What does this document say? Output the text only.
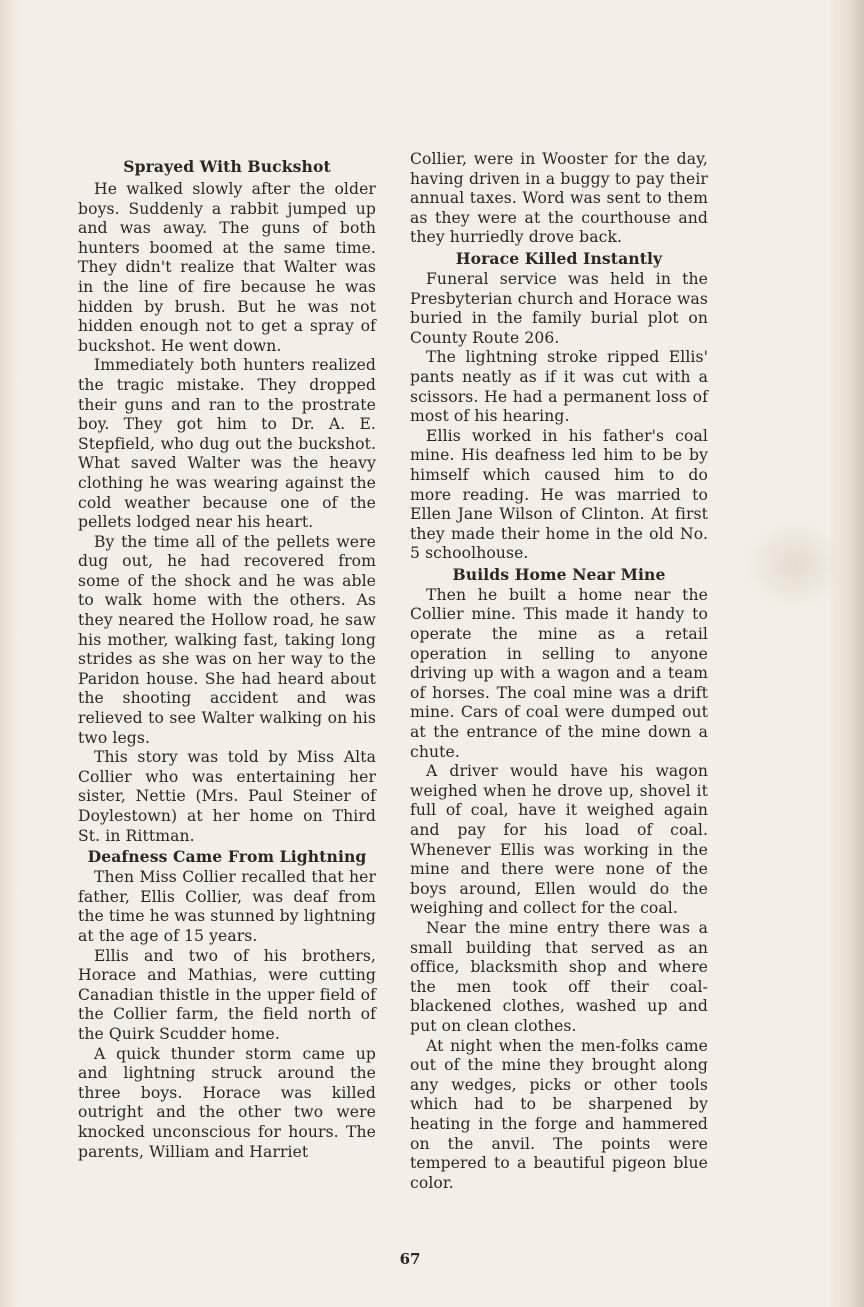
Sprayed With Buckshot

He walked slowly after the older boys. Suddenly a rabbit jumped up and was away. The guns of both hunters boomed at the same time. They didn't realize that Walter was in the line of fire because he was hidden by brush. But he was not hidden enough not to get a spray of buckshot. He went down.

Immediately both hunters realized the tragic mistake. They dropped their guns and ran to the prostrate boy. They got him to Dr. A. E. Stepfield, who dug out the buckshot. What saved Walter was the heavy clothing he was wearing against the cold weather because one of the pellets lodged near his heart.

By the time all of the pellets were dug out, he had recovered from some of the shock and he was able to walk home with the others. As they neared the Hollow road, he saw his mother, walking fast, taking long strides as she was on her way to the Paridon house. She had heard about the shooting accident and was relieved to see Walter walking on his two legs.

This story was told by Miss Alta Collier who was entertaining her sister, Nettie (Mrs. Paul Steiner of Doylestown) at her home on Third St. in Rittman.

Deafness Came From Lightning

Then Miss Collier recalled that her father, Ellis Collier, was deaf from the time he was stunned by lightning at the age of 15 years.

Ellis and two of his brothers, Horace and Mathias, were cutting Canadian thistle in the upper field of the Collier farm, the field north of the Quirk Scudder home.

A quick thunder storm came up and lightning struck around the three boys. Horace was killed outright and the other two were knocked unconscious for hours. The parents, William and Harriet

Collier, were in Wooster for the day, having driven in a buggy to pay their annual taxes. Word was sent to them as they were at the courthouse and they hurriedly drove back.

Horace Killed Instantly

Funeral service was held in the Presbyterian church and Horace was buried in the family burial plot on County Route 206.

The lightning stroke ripped Ellis' pants neatly as if it was cut with a scissors. He had a permanent loss of most of his hearing.

Ellis worked in his father's coal mine. His deafness led him to be by himself which caused him to do more reading. He was married to Ellen Jane Wilson of Clinton. At first they made their home in the old No. 5 schoolhouse.

Builds Home Near Mine

Then he built a home near the Collier mine. This made it handy to operate the mine as a retail operation in selling to anyone driving up with a wagon and a team of horses. The coal mine was a drift mine. Cars of coal were dumped out at the entrance of the mine down a chute.

A driver would have his wagon weighed when he drove up, shovel it full of coal, have it weighed again and pay for his load of coal. Whenever Ellis was working in the mine and there were none of the boys around, Ellen would do the weighing and collect for the coal.

Near the mine entry there was a small building that served as an office, blacksmith shop and where the men took off their coal-blackened clothes, washed up and put on clean clothes.

At night when the men-folks came out of the mine they brought along any wedges, picks or other tools which had to be sharpened by heating in the forge and hammered on the anvil. The points were tempered to a beautiful pigeon blue color.

67
